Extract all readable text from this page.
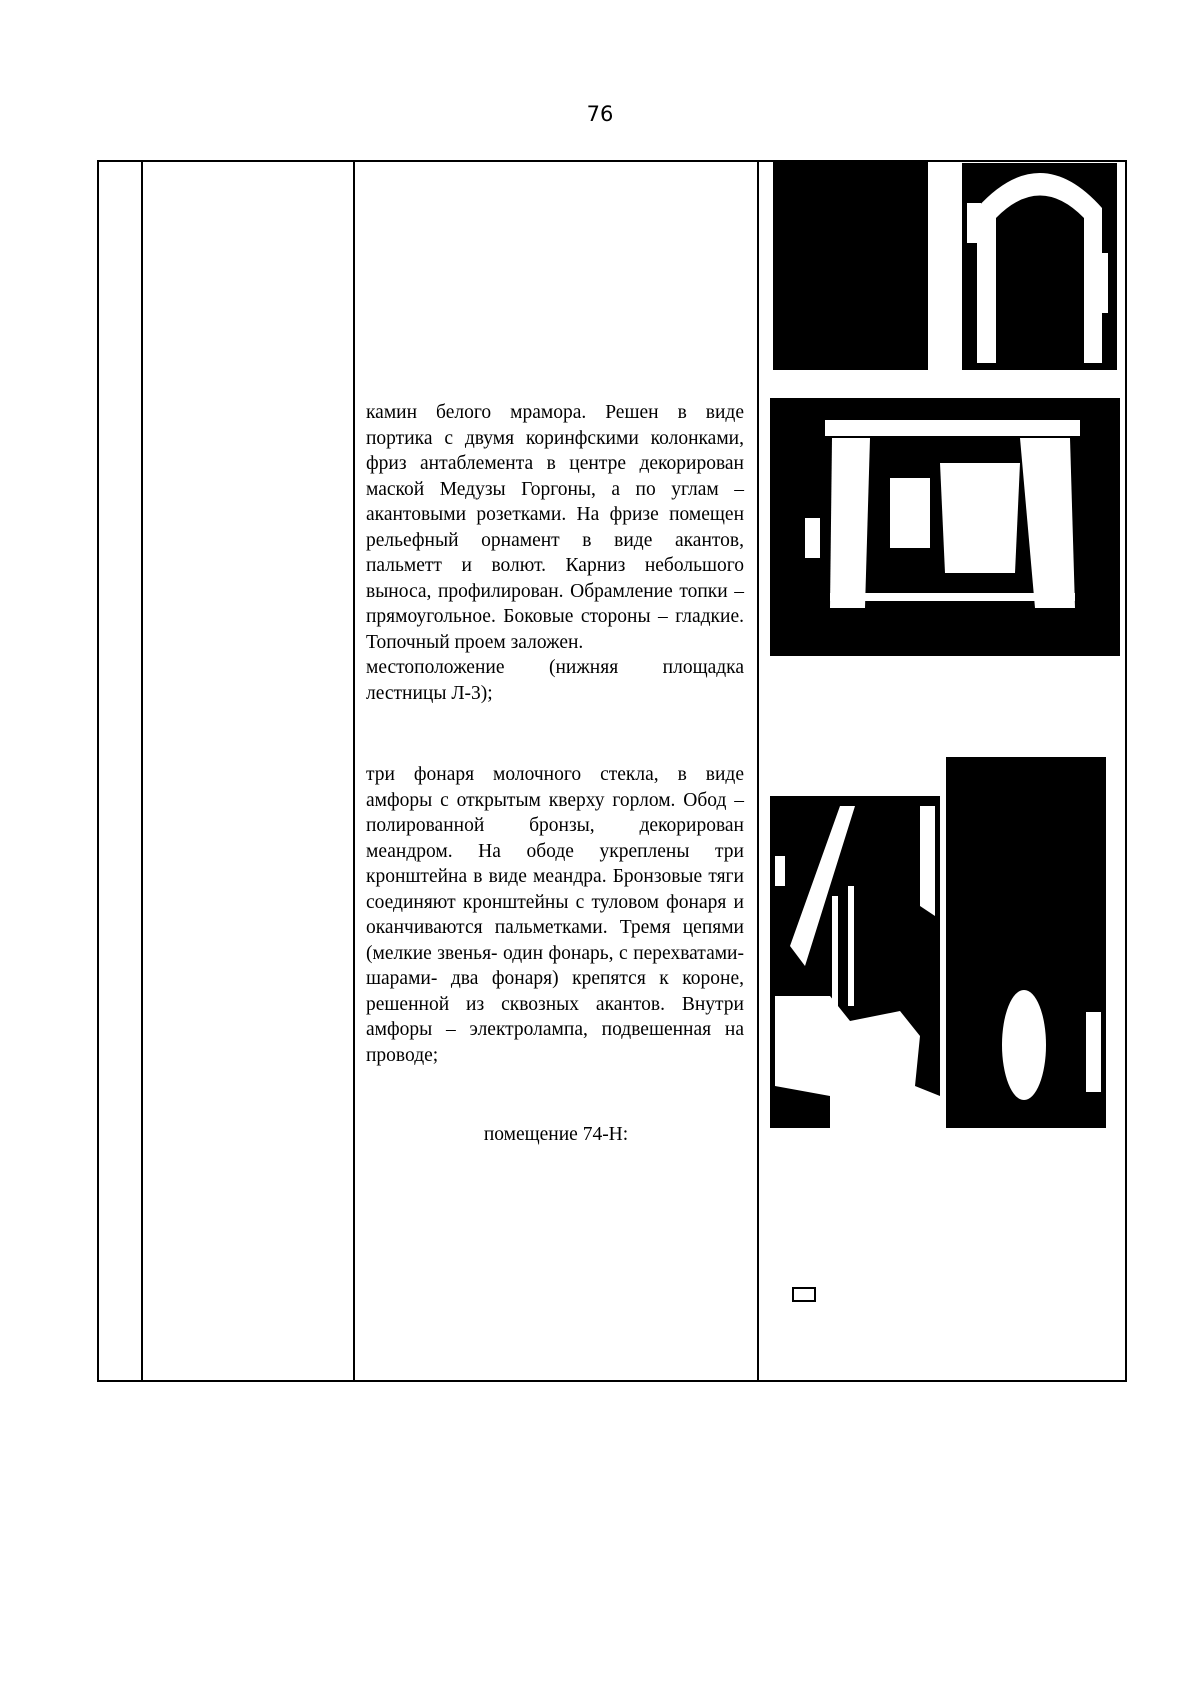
76

камин белого мрамора. Решен в виде портика с двумя коринфскими колонками, фриз антаблемента в центре декорирован маской Медузы Горгоны, а по углам – акантовыми розетками. На фризе помещен рельефный орнамент в виде акантов, пальметт и волют. Карниз небольшого выноса, профилирован. Обрамление топки – прямоугольное. Боковые стороны – гладкие. Топочный проем заложен.

местоположение (нижняя площадка лестницы Л-3);

три фонаря молочного стекла, в виде амфоры с открытым кверху горлом. Обод – полированной бронзы, декорирован меандром. На ободе укреплены три кронштейна в виде меандра. Бронзовые тяги соединяют кронштейны с туловом фонаря и оканчиваются пальметками. Тремя цепями (мелкие звенья- один фонарь, с перехватами-шарами- два фонаря) крепятся к короне, решенной из сквозных акантов. Внутри амфоры – электролампа, подвешенная на проводе;

помещение 74-Н:
